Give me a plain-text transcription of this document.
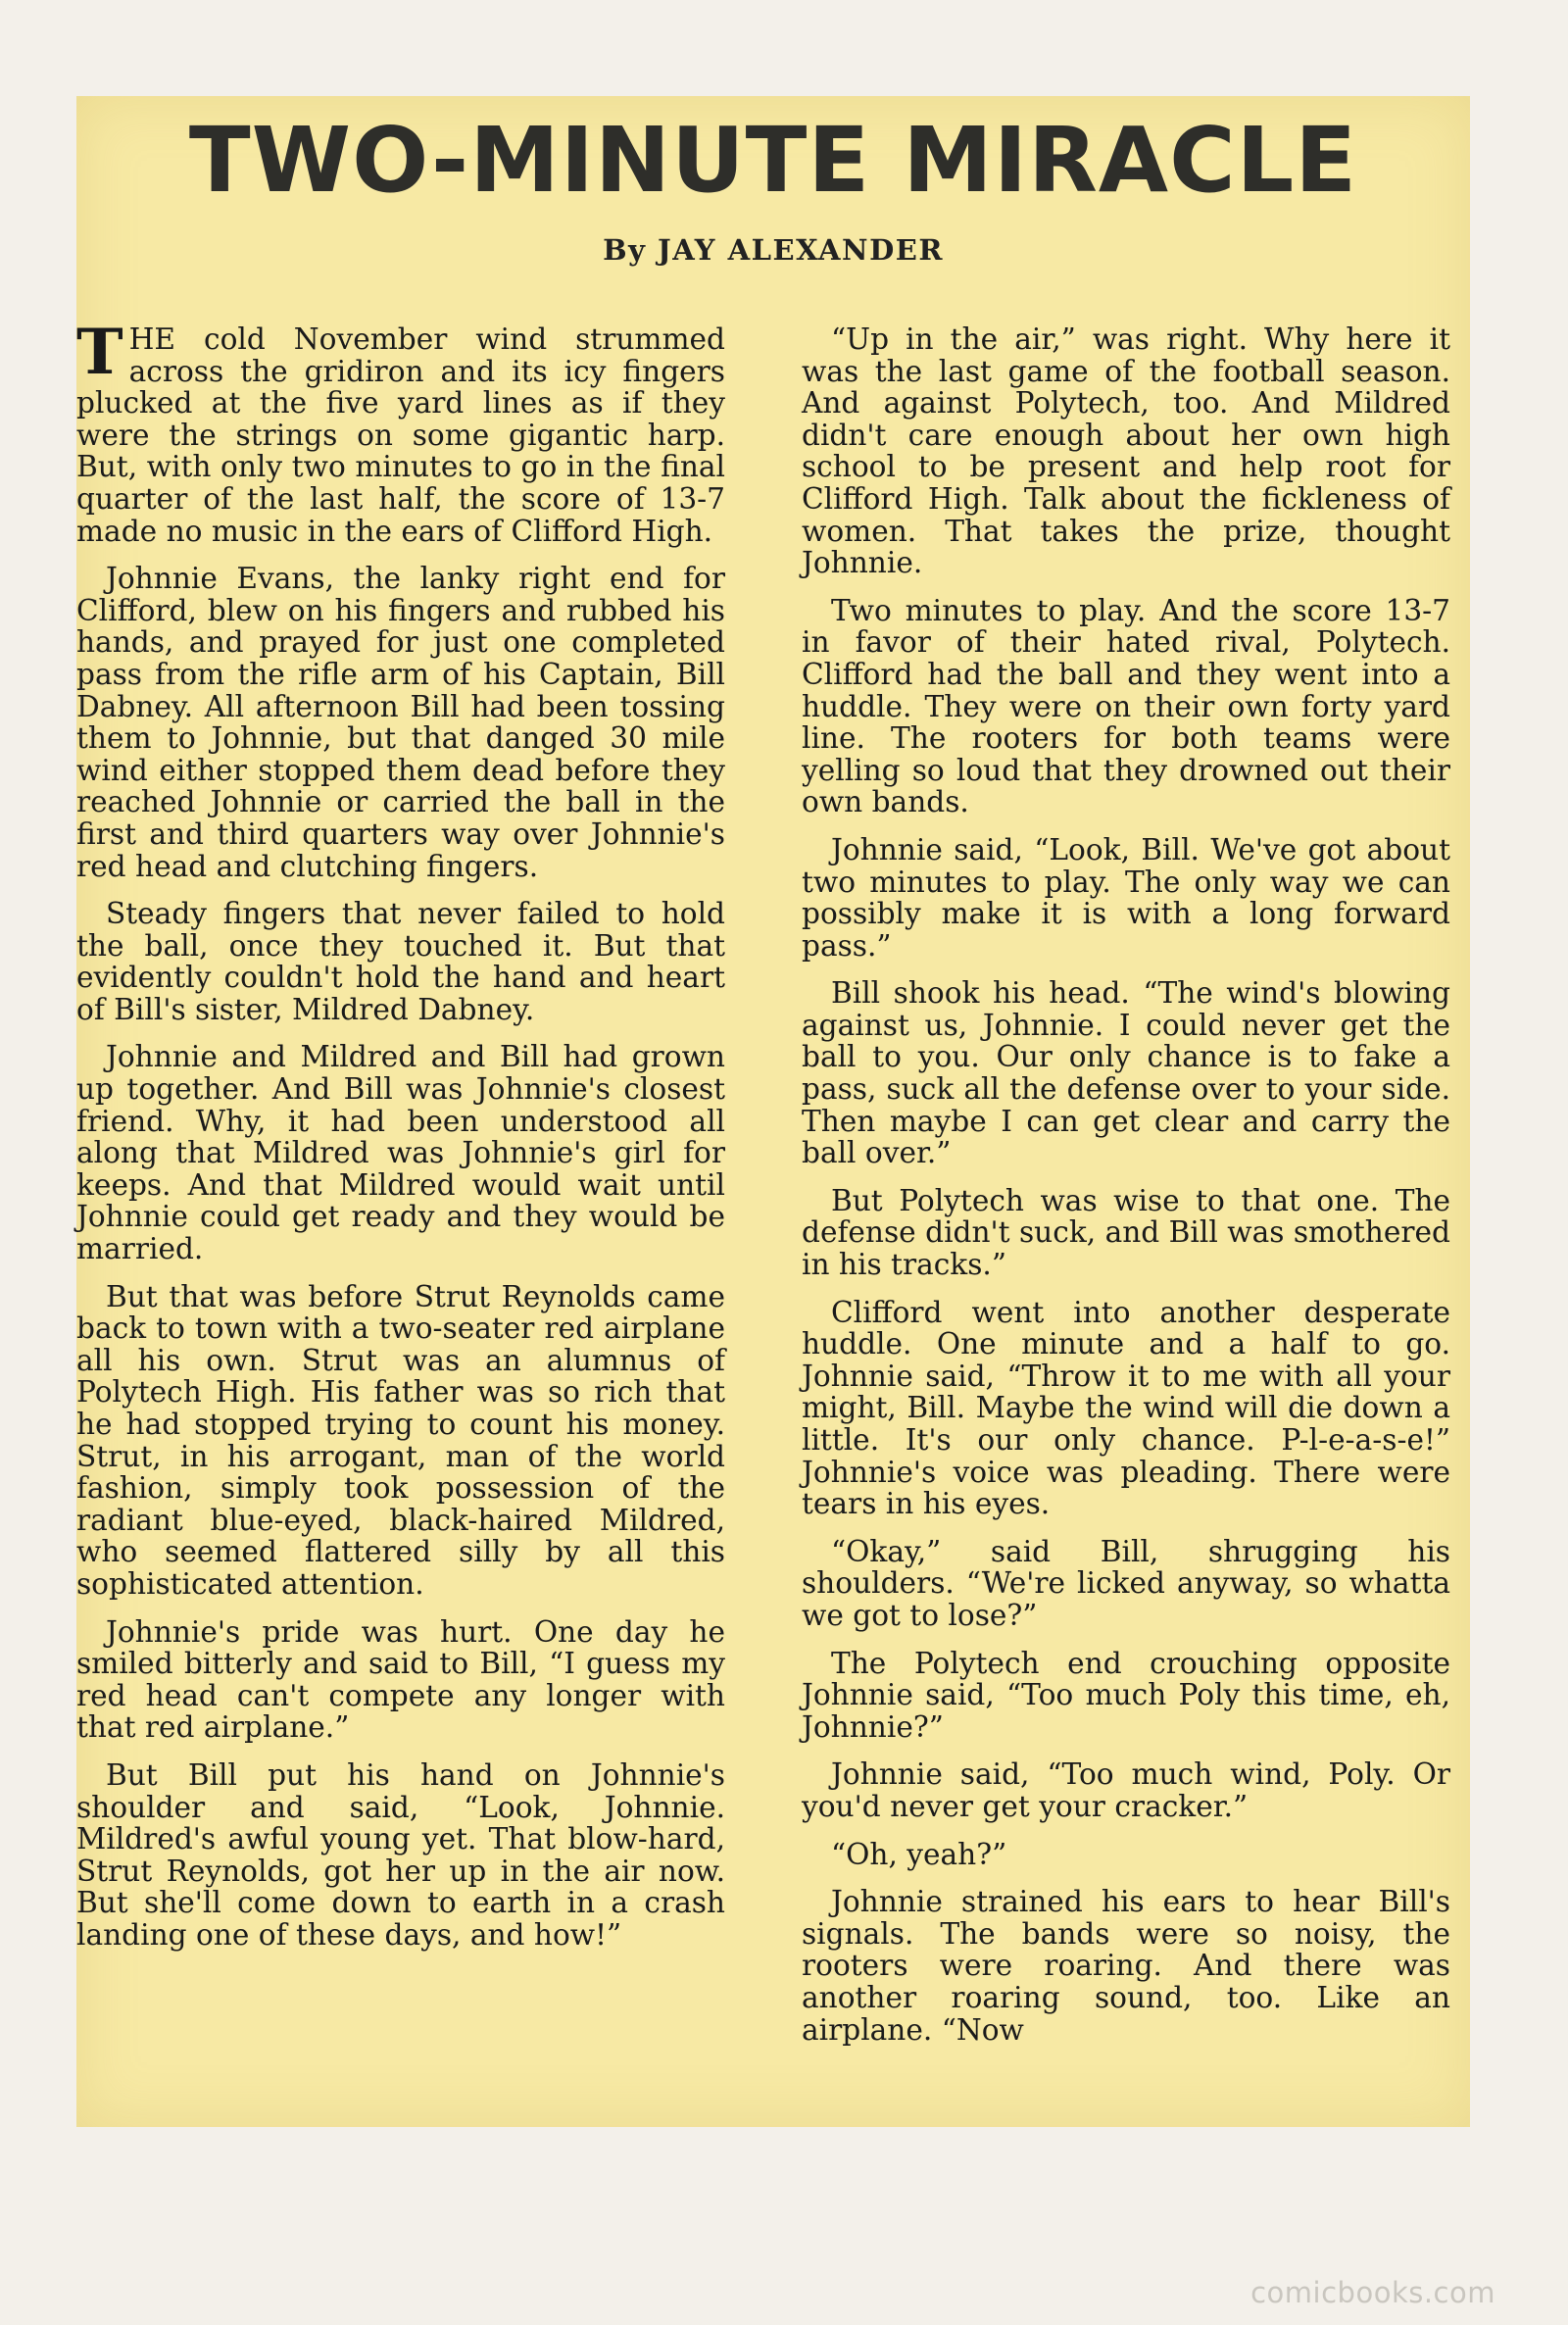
TWO-MINUTE MIRACLE
By JAY ALEXANDER

THE cold November wind strummed across the gridiron and its icy fingers plucked at the five yard lines as if they were the strings on some gigantic harp. But, with only two minutes to go in the final quarter of the last half, the score of 13-7 made no music in the ears of Clifford High.

Johnnie Evans, the lanky right end for Clifford, blew on his fingers and rubbed his hands, and prayed for just one completed pass from the rifle arm of his Captain, Bill Dabney. All afternoon Bill had been tossing them to Johnnie, but that danged 30 mile wind either stopped them dead before they reached Johnnie or carried the ball in the first and third quarters way over Johnnie's red head and clutching fingers.

Steady fingers that never failed to hold the ball, once they touched it. But that evidently couldn't hold the hand and heart of Bill's sister, Mildred Dabney.

Johnnie and Mildred and Bill had grown up together. And Bill was Johnnie's closest friend. Why, it had been understood all along that Mildred was Johnnie's girl for keeps. And that Mildred would wait until Johnnie could get ready and they would be married.

But that was before Strut Reynolds came back to town with a two-seater red airplane all his own. Strut was an alumnus of Polytech High. His father was so rich that he had stopped trying to count his money. Strut, in his arrogant, man of the world fashion, simply took possession of the radiant blue-eyed, black-haired Mildred, who seemed flattered silly by all this sophisticated attention.

Johnnie's pride was hurt. One day he smiled bitterly and said to Bill, “I guess my red head can't compete any longer with that red airplane.”

But Bill put his hand on Johnnie's shoulder and said, “Look, Johnnie. Mildred's awful young yet. That blow-hard, Strut Reynolds, got her up in the air now. But she'll come down to earth in a crash landing one of these days, and how!”

“Up in the air,” was right. Why here it was the last game of the football season. And against Polytech, too. And Mildred didn't care enough about her own high school to be present and help root for Clifford High. Talk about the fickleness of women. That takes the prize, thought Johnnie.

Two minutes to play. And the score 13-7 in favor of their hated rival, Polytech. Clifford had the ball and they went into a huddle. They were on their own forty yard line. The rooters for both teams were yelling so loud that they drowned out their own bands.

Johnnie said, “Look, Bill. We've got about two minutes to play. The only way we can possibly make it is with a long forward pass.”

Bill shook his head. “The wind's blowing against us, Johnnie. I could never get the ball to you. Our only chance is to fake a pass, suck all the defense over to your side. Then maybe I can get clear and carry the ball over.”

But Polytech was wise to that one. The defense didn't suck, and Bill was smothered in his tracks.”

Clifford went into another desperate huddle. One minute and a half to go. Johnnie said, “Throw it to me with all your might, Bill. Maybe the wind will die down a little. It's our only chance. P-l-e-a-s-e!” Johnnie's voice was pleading. There were tears in his eyes.

“Okay,” said Bill, shrugging his shoulders. “We're licked anyway, so whatta we got to lose?”

The Polytech end crouching opposite Johnnie said, “Too much Poly this time, eh, Johnnie?”

Johnnie said, “Too much wind, Poly. Or you'd never get your cracker.”

“Oh, yeah?”

Johnnie strained his ears to hear Bill's signals. The bands were so noisy, the rooters were roaring. And there was another roaring sound, too. Like an airplane. “Now

comicbooks.com
